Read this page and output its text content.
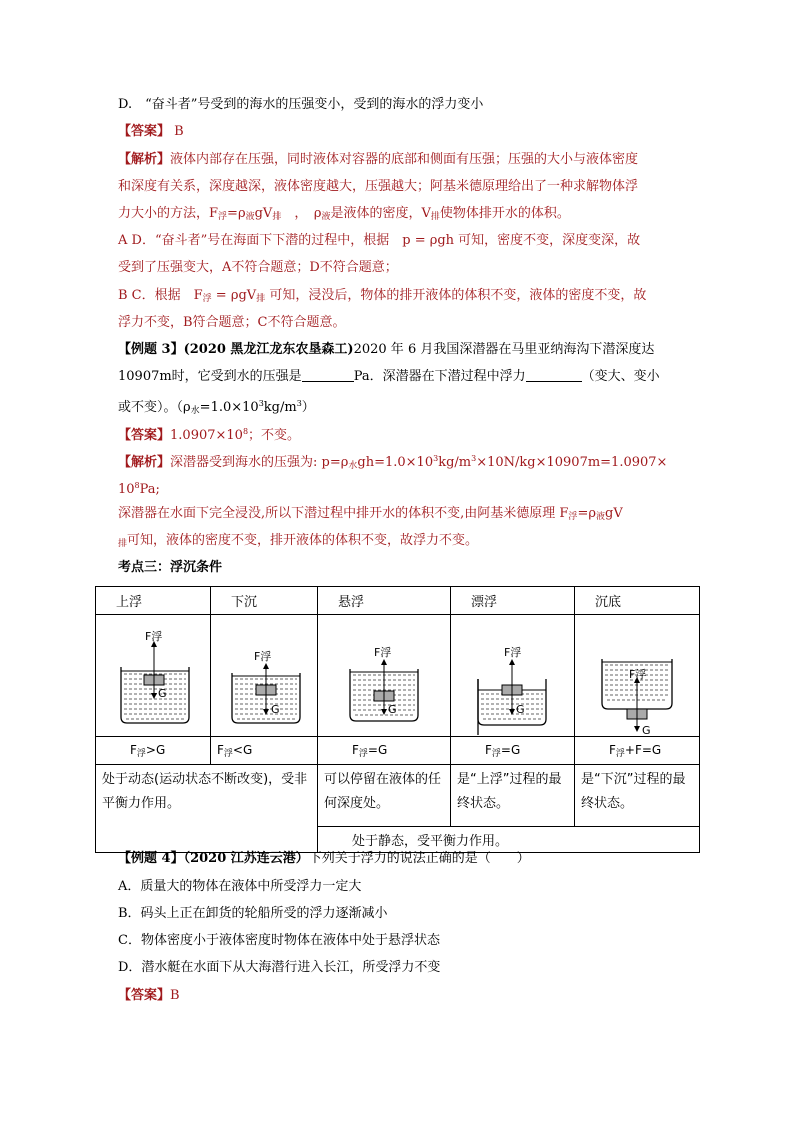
D.　“奋斗者”号受到的海水的压强变小，受到的海水的浮力变小
【答案】 B
【解析】液体内部存在压强，同时液体对容器的底部和侧面有压强；压强的大小与液体密度
和深度有关系，深度越深，液体密度越大，压强越大；阿基米德原理给出了一种求解物体浮
力大小的方法，$F_浮=\rho_液gV_排$　，　$\rho_液$是液体的密度，$V_排$使物体排开水的体积。
A D．“奋斗者”号在海面下下潜的过程中，根据　p = ρgh 可知，密度不变，深度变深，故
受到了压强变大，A不符合题意；D不符合题意；
B C．根据　$F_浮 = \rho gV_排$ 可知，浸没后，物体的排开液体的体积不变，液体的密度不变，故
浮力不变，B符合题意；C不符合题意。
【例题 3】(2020 黑龙江龙东农垦森工)2020 年 6 月我国深潜器在马里亚纳海沟下潜深度达
10907m时，它受到水的压强是	Pa．深潜器在下潜过程中浮力	（变大、变小
或不变）。$(\rho_水=1.0\times 10^3kg/m^3)$
【答案】$1.0907\times 10^8$；不变。
【解析】深潜器受到海水的压强为: $p=\rho_水gh=1.0\times 10^3kg/m^3\times 10N/kg\times 10907m=1.0907\times$
$10^8Pa$;
深潜器在水面下完全浸没,所以下潜过程中排开水的体积不变,由阿基米德原理 $F_浮=\rho_液gV$
$_排$可知，液体的密度不变，排开液体的体积不变，故浮力不变。
考点三：浮沉条件
上浮	下沉	悬浮	漂浮	沉底

F浮
G	F浮
G	F浮
G	F浮
G	F浮
G

$F_浮>G$	$F_浮<G$	$F_浮=G$	$F_浮=G$	$F_浮+F=G$
处于动态(运动状态不断改变)，受非平衡力作用。		可以停留在液体的任何深度处。	是“上浮”过程的最终状态。	是“下沉”过程的最终状态。
		处于静态，受平衡力作用。		
【例题 4】（2020 江苏连云港）下列关于浮力的说法正确的是（　　）
A．质量大的物体在液体中所受浮力一定大
B．码头上正在卸货的轮船所受的浮力逐渐减小
C．物体密度小于液体密度时物体在液体中处于悬浮状态
D．潜水艇在水面下从大海潜行进入长江，所受浮力不变
【答案】B
